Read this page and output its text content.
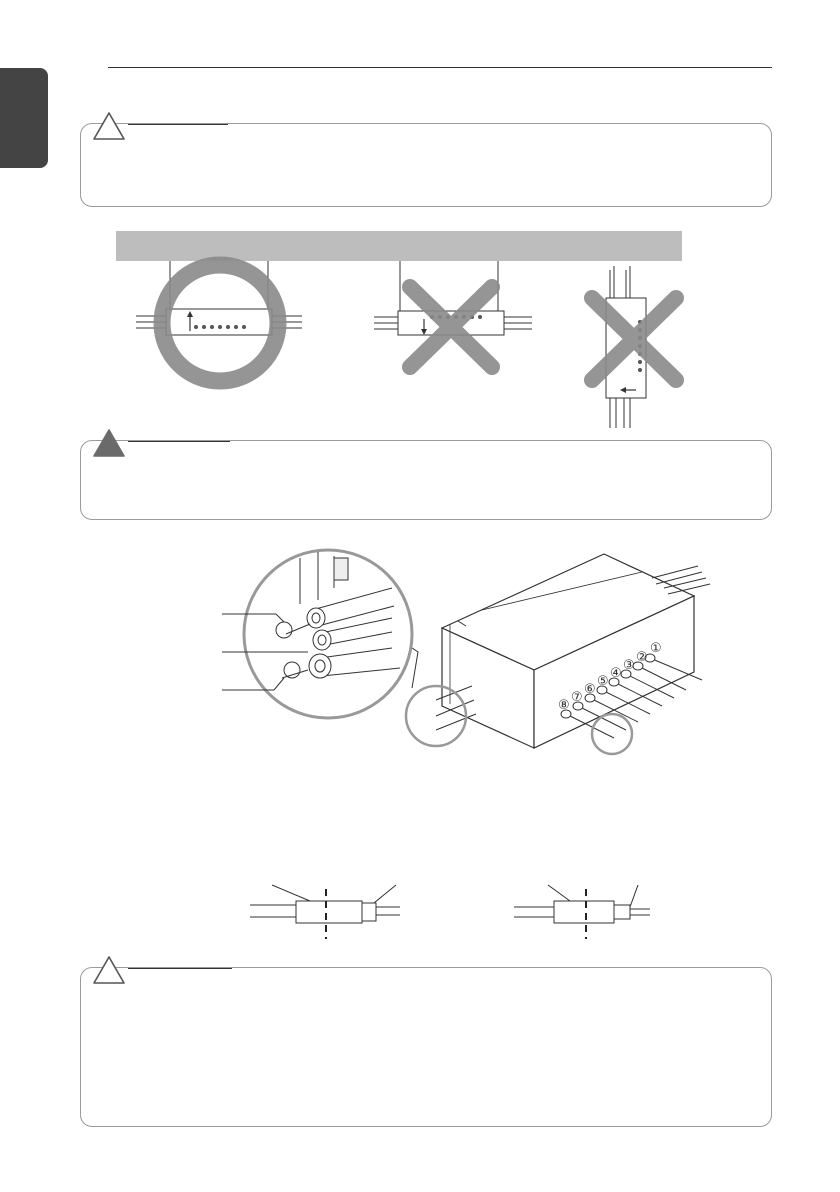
①
②
③
④
⑤
⑥
⑦
⑧
